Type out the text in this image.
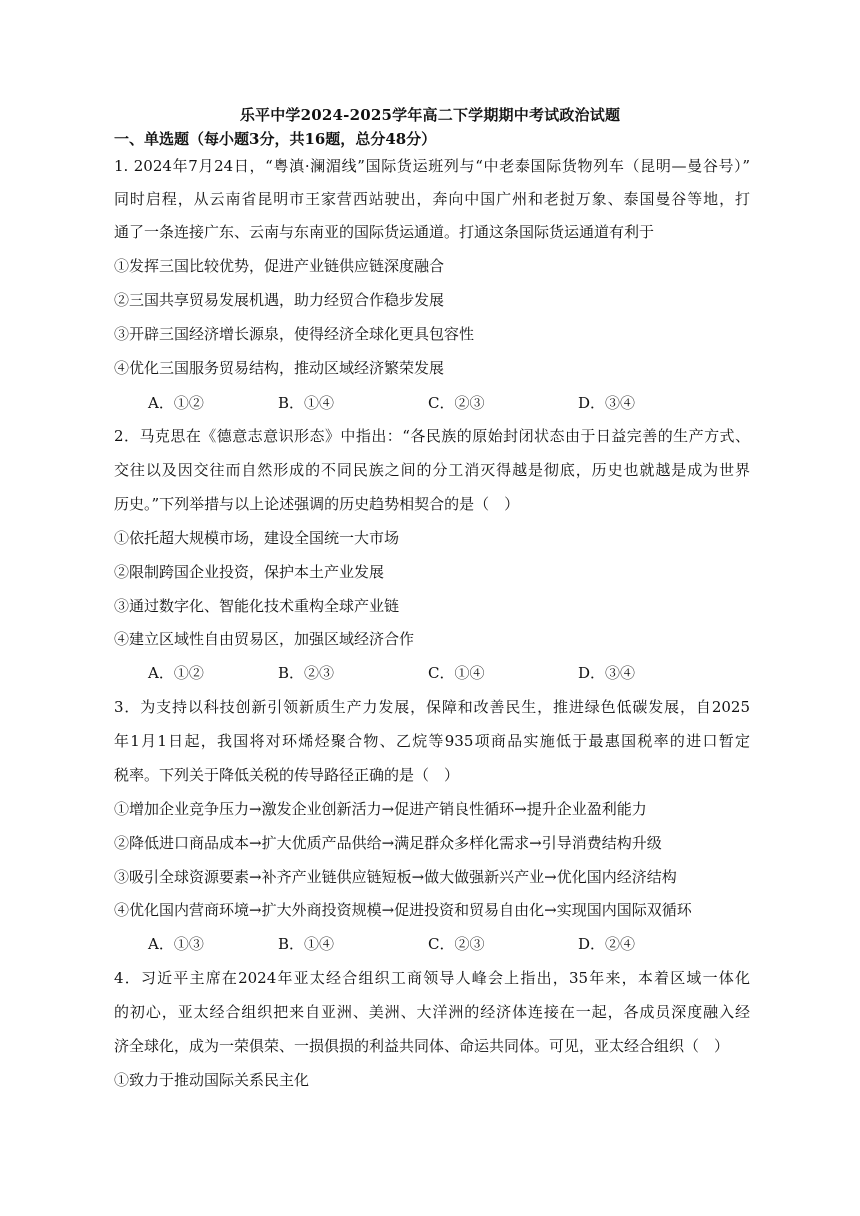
乐平中学2024-2025学年高二下学期期中考试政治试题
一、单选题（每小题3分，共16题，总分48分）
1. 2024年7月24日，“粤滇·澜湄线”国际货运班列与“中老泰国际货物列车（昆明—曼谷号）”
同时启程，从云南省昆明市王家营西站驶出，奔向中国广州和老挝万象、泰国曼谷等地，打
通了一条连接广东、云南与东南亚的国际货运通道。打通这条国际货运通道有利于
①发挥三国比较优势，促进产业链供应链深度融合
②三国共享贸易发展机遇，助力经贸合作稳步发展
③开辟三国经济增长源泉，使得经济全球化更具包容性
④优化三国服务贸易结构，推动区域经济繁荣发展
A．①②	B．①④	C．②③	D．③④
2．马克思在《德意志意识形态》中指出：“各民族的原始封闭状态由于日益完善的生产方式、
交往以及因交往而自然形成的不同民族之间的分工消灭得越是彻底，历史也就越是成为世界
历史。”下列举措与以上论述强调的历史趋势相契合的是（　）
①依托超大规模市场，建设全国统一大市场
②限制跨国企业投资，保护本土产业发展
③通过数字化、智能化技术重构全球产业链
④建立区域性自由贸易区，加强区域经济合作
A．①②	B．②③	C．①④	D．③④
3．为支持以科技创新引领新质生产力发展，保障和改善民生，推进绿色低碳发展，自2025
年1月1日起，我国将对环烯烃聚合物、乙烷等935项商品实施低于最惠国税率的进口暂定
税率。下列关于降低关税的传导路径正确的是（　）
①增加企业竞争压力→激发企业创新活力→促进产销良性循环→提升企业盈利能力
②降低进口商品成本→扩大优质产品供给→满足群众多样化需求→引导消费结构升级
③吸引全球资源要素→补齐产业链供应链短板→做大做强新兴产业→优化国内经济结构
④优化国内营商环境→扩大外商投资规模→促进投资和贸易自由化→实现国内国际双循环
A．①③	B．①④	C．②③	D．②④
4．习近平主席在2024年亚太经合组织工商领导人峰会上指出，35年来，本着区域一体化
的初心，亚太经合组织把来自亚洲、美洲、大洋洲的经济体连接在一起，各成员深度融入经
济全球化，成为一荣俱荣、一损俱损的利益共同体、命运共同体。可见，亚太经合组织（　）
①致力于推动国际关系民主化
